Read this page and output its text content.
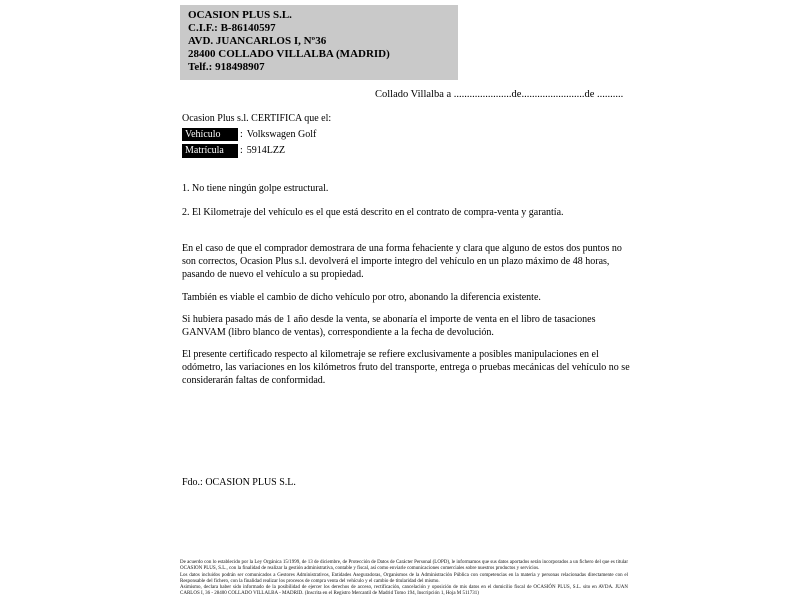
OCASION PLUS S.L.
C.I.F.: B-86140597
AVD. JUANCARLOS I, Nº36
28400 COLLADO VILLALBA (MADRID)
Telf.: 918498907
Collado Villalba a ......................de........................de ..........

Ocasion Plus s.l. CERTIFICA que el:

Vehículo : Volkswagen Golf
Matrícula : 5914LZZ

1. No tiene ningún golpe estructural.

2. El Kilometraje del vehículo es el que está descrito en el contrato de compra-venta y garantía.

En el caso de que el comprador demostrara de una forma fehaciente y clara que alguno de estos dos puntos no son correctos, Ocasion Plus s.l. devolverá el importe integro del vehículo en un plazo máximo de 48 horas, pasando de nuevo el vehículo a su propiedad.

También es viable el cambio de dicho vehículo por otro, abonando la diferencia existente.

Si hubiera pasado más de 1 año desde la venta, se abonaría el importe de venta en el libro de tasaciones GANVAM (libro blanco de ventas), correspondiente a la fecha de devolución.

El presente certificado respecto al kilometraje se refiere exclusivamente a posibles manipulaciones en el odómetro, las variaciones en los kilómetros fruto del transporte, entrega o pruebas mecánicas del vehículo no se considerarán faltas de conformidad.

Fdo.: OCASION PLUS S.L.
De acuerdo con lo establecido por la Ley Orgánica 15/1999, de 13 de diciembre, de Protección de Datos de Carácter Personal (LOPD), le informamos que sus datos aportados serán incorporados a un fichero del que es titular OCASION PLUS, S.L., con la finalidad de realizar la gestión administrativa, contable y fiscal, así como enviarle comunicaciones comerciales sobre nuestros productos y servicios.
Los datos incluidos podrán ser comunicados a Gestores Administrativos, Entidades Aseguradoras, Organismos de la Administración Pública con competencias en la materia y personas relacionadas directamente con el Responsable del fichero, con la finalidad realizar los procesos de compra venta del vehículo y el cambio de titularidad del mismo.
Asimismo, declara haber sido informado de la posibilidad de ejercer los derechos de acceso, rectificación, cancelación y oposición de mis datos en el domicilio fiscal de OCASIÓN PLUS, S.L. sito en AVDA. JUAN CARLOS I, 36 - 28400 COLLADO VILLALBA - MADRID. (Inscrita en el Registro Mercantil de Madrid Tomo 194, Inscripción 1, Hoja M 511731)
